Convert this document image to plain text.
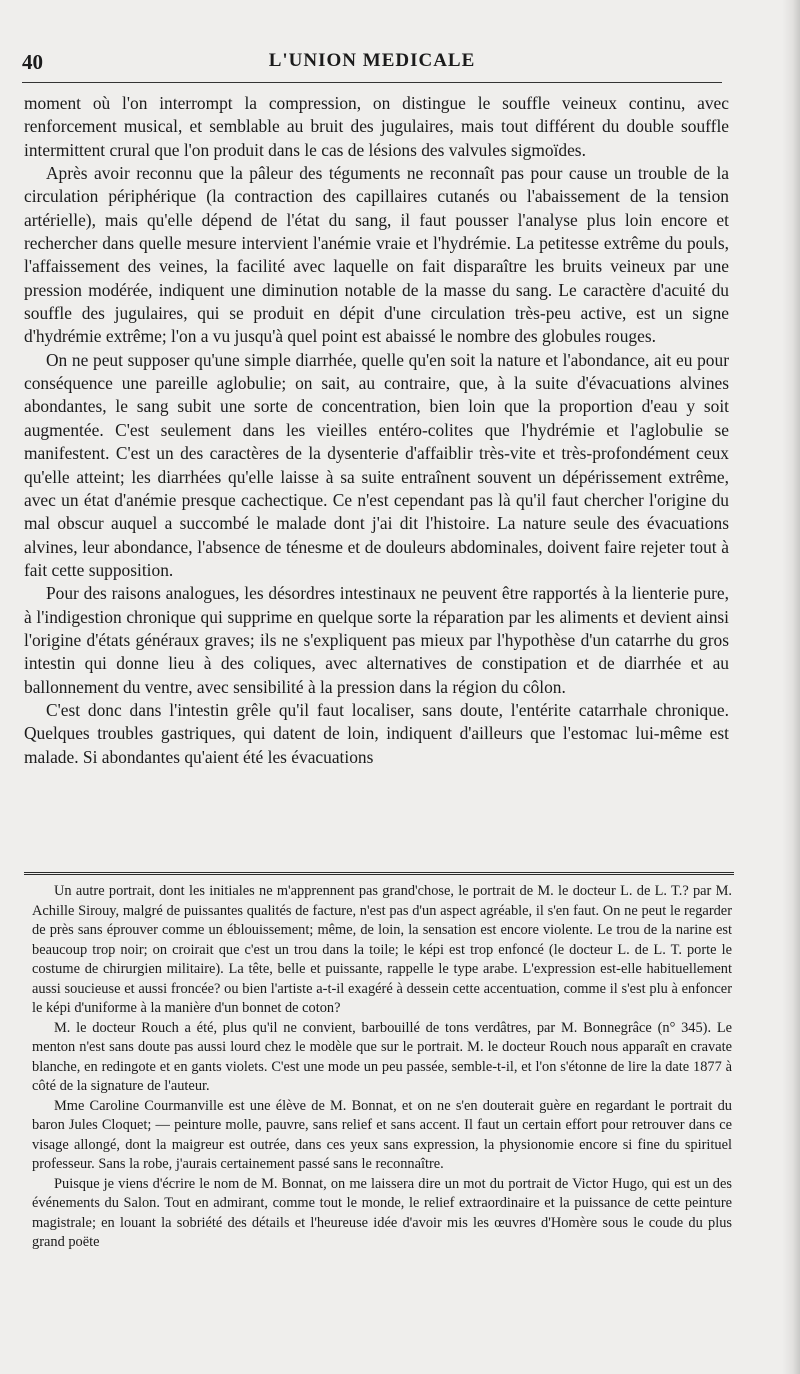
40	L'UNION MEDICALE

moment où l'on interrompt la compression, on distingue le souffle veineux continu, avec renforcement musical, et semblable au bruit des jugulaires, mais tout différent du double souffle intermittent crural que l'on produit dans le cas de lésions des valvules sigmoïdes.

Après avoir reconnu que la pâleur des téguments ne reconnaît pas pour cause un trouble de la circulation périphérique (la contraction des capillaires cutanés ou l'abaissement de la tension artérielle), mais qu'elle dépend de l'état du sang, il faut pousser l'analyse plus loin encore et rechercher dans quelle mesure intervient l'anémie vraie et l'hydrémie. La petitesse extrême du pouls, l'affaissement des veines, la facilité avec laquelle on fait disparaître les bruits veineux par une pression modérée, indiquent une diminution notable de la masse du sang. Le caractère d'acuité du souffle des jugulaires, qui se produit en dépit d'une circulation très-peu active, est un signe d'hydrémie extrême; l'on a vu jusqu'à quel point est abaissé le nombre des globules rouges.

On ne peut supposer qu'une simple diarrhée, quelle qu'en soit la nature et l'abondance, ait eu pour conséquence une pareille aglobulie; on sait, au contraire, que, à la suite d'évacuations alvines abondantes, le sang subit une sorte de concentration, bien loin que la proportion d'eau y soit augmentée. C'est seulement dans les vieilles entéro-colites que l'hydrémie et l'aglobulie se manifestent. C'est un des caractères de la dysenterie d'affaiblir très-vite et très-profondément ceux qu'elle atteint; les diarrhées qu'elle laisse à sa suite entraînent souvent un dépérissement extrême, avec un état d'anémie presque cachectique. Ce n'est cependant pas là qu'il faut chercher l'origine du mal obscur auquel a succombé le malade dont j'ai dit l'histoire. La nature seule des évacuations alvines, leur abondance, l'absence de ténesme et de douleurs abdominales, doivent faire rejeter tout à fait cette supposition.

Pour des raisons analogues, les désordres intestinaux ne peuvent être rapportés à la lienterie pure, à l'indigestion chronique qui supprime en quelque sorte la réparation par les aliments et devient ainsi l'origine d'états généraux graves; ils ne s'expliquent pas mieux par l'hypothèse d'un catarrhe du gros intestin qui donne lieu à des coliques, avec alternatives de constipation et de diarrhée et au ballonnement du ventre, avec sensibilité à la pression dans la région du côlon.

C'est donc dans l'intestin grêle qu'il faut localiser, sans doute, l'entérite catarrhale chronique. Quelques troubles gastriques, qui datent de loin, indiquent d'ailleurs que l'estomac lui-même est malade. Si abondantes qu'aient été les évacuations

Un autre portrait, dont les initiales ne m'apprennent pas grand'chose, le portrait de M. le docteur L. de L. T.? par M. Achille Sirouy, malgré de puissantes qualités de facture, n'est pas d'un aspect agréable, il s'en faut. On ne peut le regarder de près sans éprouver comme un éblouissement; même, de loin, la sensation est encore violente. Le trou de la narine est beaucoup trop noir; on croirait que c'est un trou dans la toile; le képi est trop enfoncé (le docteur L. de L. T. porte le costume de chirurgien militaire). La tête, belle et puissante, rappelle le type arabe. L'expression est-elle habituellement aussi soucieuse et aussi froncée? ou bien l'artiste a-t-il exagéré à dessein cette accentuation, comme il s'est plu à enfoncer le képi d'uniforme à la manière d'un bonnet de coton?

M. le docteur Rouch a été, plus qu'il ne convient, barbouillé de tons verdâtres, par M. Bonnegrâce (n° 345). Le menton n'est sans doute pas aussi lourd chez le modèle que sur le portrait. M. le docteur Rouch nous apparaît en cravate blanche, en redingote et en gants violets. C'est une mode un peu passée, semble-t-il, et l'on s'étonne de lire la date 1877 à côté de la signature de l'auteur.

Mme Caroline Courmanville est une élève de M. Bonnat, et on ne s'en douterait guère en regardant le portrait du baron Jules Cloquet; — peinture molle, pauvre, sans relief et sans accent. Il faut un certain effort pour retrouver dans ce visage allongé, dont la maigreur est outrée, dans ces yeux sans expression, la physionomie encore si fine du spirituel professeur. Sans la robe, j'aurais certainement passé sans le reconnaître.

Puisque je viens d'écrire le nom de M. Bonnat, on me laissera dire un mot du portrait de Victor Hugo, qui est un des événements du Salon. Tout en admirant, comme tout le monde, le relief extraordinaire et la puissance de cette peinture magistrale; en louant la sobriété des détails et l'heureuse idée d'avoir mis les œuvres d'Homère sous le coude du plus grand poëte
